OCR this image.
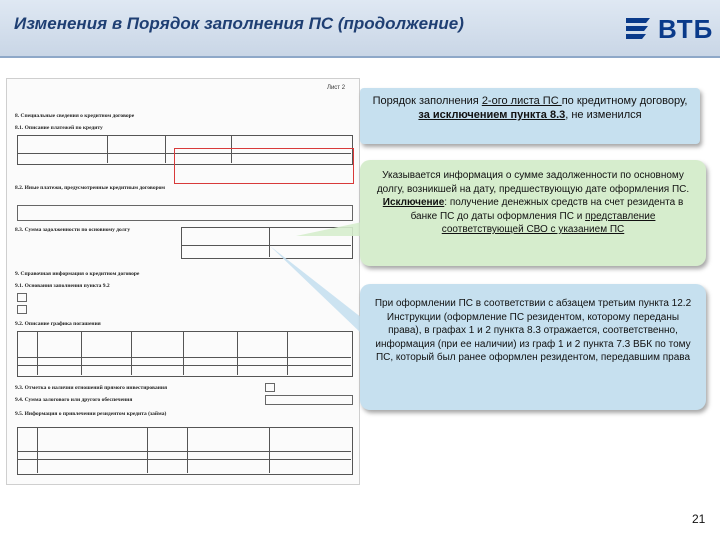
Изменения в Порядок заполнения ПС (продолжение)	ВТБ
Лист 2
8. Специальные сведения о кредитном договоре
8.1. Описание платежей по кредиту
8.2. Иные платежи, предусмотренные кредитным договором
8.3. Сумма задолженности по основному долгу
9. Справочная информация о кредитном договоре
9.1. Основания заполнения пункта 9.2
9.2. Описание графика погашения
9.3. Отметка о наличии отношений прямого инвестирования
9.4. Сумма залогового или другого обеспечения
9.5. Информация о привлечении резидентом кредита (займа)
Порядок заполнения 2-ого листа ПС по кредитному договору, за исключением пункта 8.3, не изменился
Указывается информация о сумме задолженности по основному долгу, возникшей на дату, предшествующую дате оформления ПС. Исключение: получение денежных средств на счет резидента в банке ПС до даты оформления ПС и представление соответствующей СВО с указанием ПС
При оформлении ПС в соответствии с абзацем третьим пункта 12.2 Инструкции (оформление ПС резидентом, которому переданы права), в графах 1 и 2 пункта 8.3 отражается, соответственно, информация (при ее наличии) из граф 1 и 2 пункта 7.3 ВБК по тому ПС, который был ранее оформлен резидентом, передавшим права
21
